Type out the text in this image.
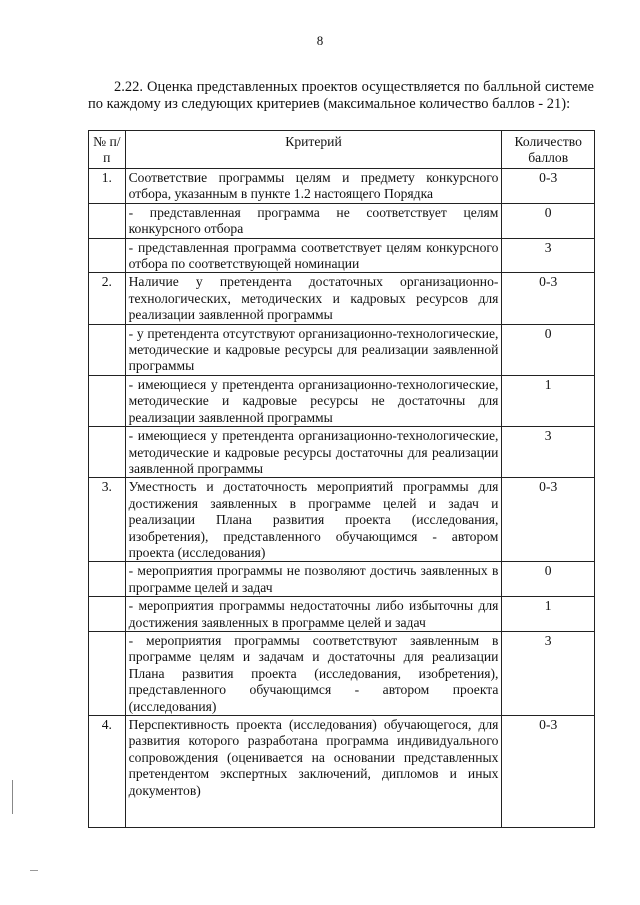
8

2.22. Оценка представленных проектов осуществляется по балльной системе по каждому из следующих критериев (максимальное количество баллов - 21):

№ п/п	Критерий	Количество баллов
1.	Соответствие программы целям и предмету конкурсного отбора, указанным в пункте 1.2 настоящего Порядка	0-3
	- представленная программа не соответствует целям конкурсного отбора	0
	- представленная программа соответствует целям конкурсного отбора по соответствующей номинации	3
2.	Наличие у претендента достаточных организационно-технологических, методических и кадровых ресурсов для реализации заявленной программы	0-3
	- у претендента отсутствуют организационно-технологические, методические и кадровые ресурсы для реализации заявленной программы	0
	- имеющиеся у претендента организационно-технологические, методические и кадровые ресурсы не достаточны для реализации заявленной программы	1
	- имеющиеся у претендента организационно-технологические, методические и кадровые ресурсы достаточны для реализации заявленной программы	3
3.	Уместность и достаточность мероприятий программы для достижения заявленных в программе целей и задач и реализации Плана развития проекта (исследования, изобретения), представленного обучающимся - автором проекта (исследования)	0-3
	- мероприятия программы не позволяют достичь заявленных в программе целей и задач	0
	- мероприятия программы недостаточны либо избыточны для достижения заявленных в программе целей и задач	1
	- мероприятия программы соответствуют заявленным в программе целям и задачам и достаточны для реализации Плана развития проекта (исследования, изобретения), представленного обучающимся - автором проекта (исследования)	3
4.	Перспективность проекта (исследования) обучающегося, для развития которого разработана программа индивидуального сопровождения (оценивается на основании представленных претендентом экспертных заключений, дипломов и иных документов)	0-3
